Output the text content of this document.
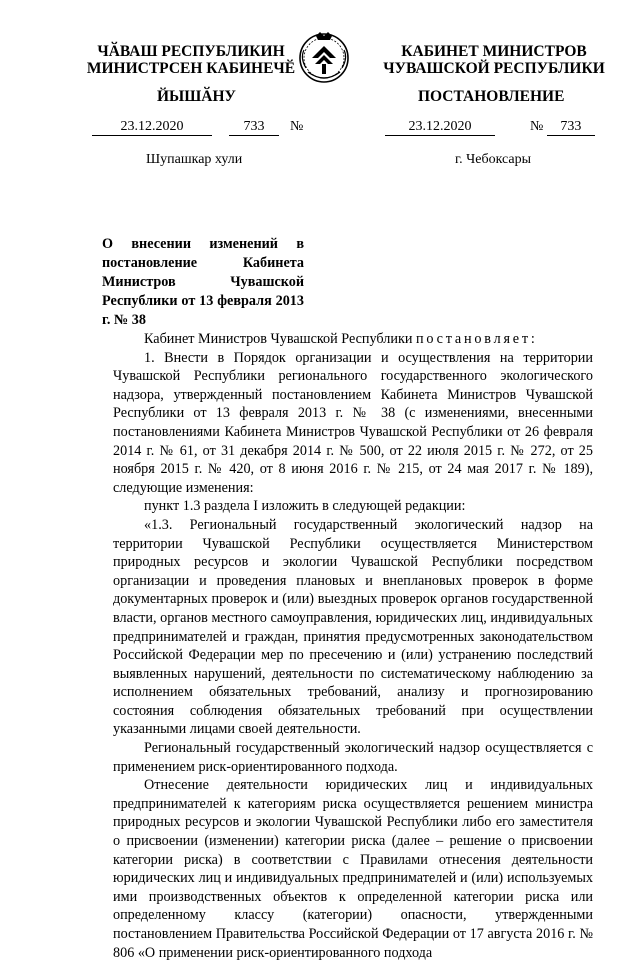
ЧӐВАШ РЕСПУБЛИКИН
МИНИСТРСЕН КАБИНЕЧӖ
ЙЫШӐНУ
КАБИНЕТ МИНИСТРОВ
ЧУВАШСКОЙ РЕСПУБЛИКИ
ПОСТАНОВЛЕНИЕ
23.12.2020	733 №	23.12.2020	№ 733
Шупашкар хули	г. Чебоксары
О внесении изменений в постановление Кабинета Министров Чувашской Республики от 13 февраля 2013 г. № 38

Кабинет Министров Чувашской Республики постановляет:

1. Внести в Порядок организации и осуществления на территории Чувашской Республики регионального государственного экологического надзора, утвержденный постановлением Кабинета Министров Чувашской Республики от 13 февраля 2013 г. № 38 (с изменениями, внесенными постановлениями Кабинета Министров Чувашской Республики от 26 февраля 2014 г. № 61, от 31 декабря 2014 г. № 500, от 22 июля 2015 г. № 272, от 25 ноября 2015 г. № 420, от 8 июня 2016 г. № 215, от 24 мая 2017 г. № 189), следующие изменения:

пункт 1.3 раздела I изложить в следующей редакции:

«1.3. Региональный государственный экологический надзор на территории Чувашской Республики осуществляется Министерством природных ресурсов и экологии Чувашской Республики посредством организации и проведения плановых и внеплановых проверок в форме документарных проверок и (или) выездных проверок органов государственной власти, органов местного самоуправления, юридических лиц, индивидуальных предпринимателей и граждан, принятия предусмотренных законодательством Российской Федерации мер по пресечению и (или) устранению последствий выявленных нарушений, деятельности по систематическому наблюдению за исполнением обязательных требований, анализу и прогнозированию состояния соблюдения обязательных требований при осуществлении указанными лицами своей деятельности.

Региональный государственный экологический надзор осуществляется с применением риск-ориентированного подхода.

Отнесение деятельности юридических лиц и индивидуальных предпринимателей к категориям риска осуществляется решением министра природных ресурсов и экологии Чувашской Республики либо его заместителя о присвоении (изменении) категории риска (далее – решение о присвоении категории риска) в соответствии с Правилами отнесения деятельности юридических лиц и индивидуальных предпринимателей и (или) используемых ими производственных объектов к определенной категории риска или определенному классу (категории) опасности, утвержденными постановлением Правительства Российской Федерации от 17 августа 2016 г. № 806 «О применении риск-ориентированного подхода
